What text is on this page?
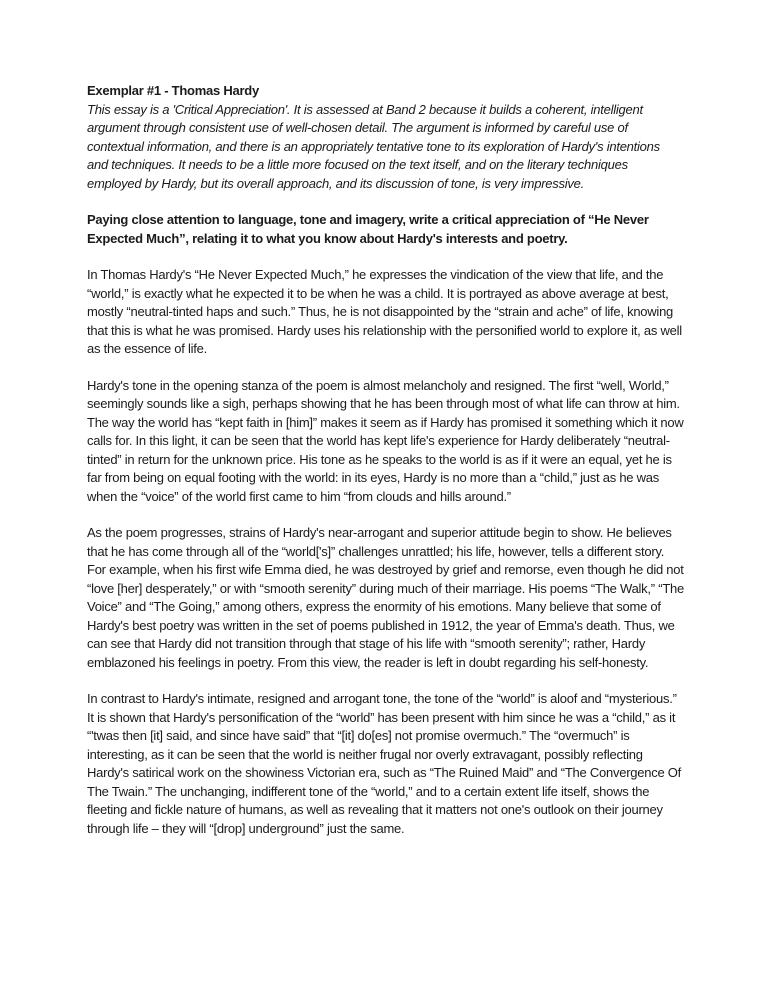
Exemplar #1 - Thomas Hardy

This essay is a 'Critical Appreciation'. It is assessed at Band 2 because it builds a coherent, intelligent argument through consistent use of well-chosen detail. The argument is informed by careful use of contextual information, and there is an appropriately tentative tone to its exploration of Hardy's intentions and techniques. It needs to be a little more focused on the text itself, and on the literary techniques employed by Hardy, but its overall approach, and its discussion of tone, is very impressive.

Paying close attention to language, tone and imagery, write a critical appreciation of “He Never Expected Much”, relating it to what you know about Hardy's interests and poetry.

In Thomas Hardy's “He Never Expected Much,” he expresses the vindication of the view that life, and the “world,” is exactly what he expected it to be when he was a child. It is portrayed as above average at best, mostly “neutral-tinted haps and such.” Thus, he is not disappointed by the “strain and ache” of life, knowing that this is what he was promised. Hardy uses his relationship with the personified world to explore it, as well as the essence of life.

Hardy's tone in the opening stanza of the poem is almost melancholy and resigned. The first “well, World,” seemingly sounds like a sigh, perhaps showing that he has been through most of what life can throw at him. The way the world has “kept faith in [him]” makes it seem as if Hardy has promised it something which it now calls for. In this light, it can be seen that the world has kept life's experience for Hardy deliberately “neutral-tinted” in return for the unknown price. His tone as he speaks to the world is as if it were an equal, yet he is far from being on equal footing with the world: in its eyes, Hardy is no more than a “child,” just as he was when the “voice” of the world first came to him “from clouds and hills around.”

As the poem progresses, strains of Hardy's near-arrogant and superior attitude begin to show. He believes that he has come through all of the “world['s]” challenges unrattled; his life, however, tells a different story. For example, when his first wife Emma died, he was destroyed by grief and remorse, even though he did not “love [her] desperately,” or with “smooth serenity” during much of their marriage. His poems “The Walk,” “The Voice” and “The Going,” among others, express the enormity of his emotions. Many believe that some of Hardy's best poetry was written in the set of poems published in 1912, the year of Emma's death. Thus, we can see that Hardy did not transition through that stage of his life with “smooth serenity”; rather, Hardy emblazoned his feelings in poetry. From this view, the reader is left in doubt regarding his self-honesty.

In contrast to Hardy's intimate, resigned and arrogant tone, the tone of the “world” is aloof and “mysterious.” It is shown that Hardy's personification of the “world” has been present with him since he was a “child,” as it “'twas then [it] said, and since have said” that “[it] do[es] not promise overmuch.” The “overmuch” is interesting, as it can be seen that the world is neither frugal nor overly extravagant, possibly reflecting Hardy's satirical work on the showiness Victorian era, such as “The Ruined Maid” and “The Convergence Of The Twain.” The unchanging, indifferent tone of the “world,” and to a certain extent life itself, shows the fleeting and fickle nature of humans, as well as revealing that it matters not one's outlook on their journey through life – they will “[drop] underground” just the same.
